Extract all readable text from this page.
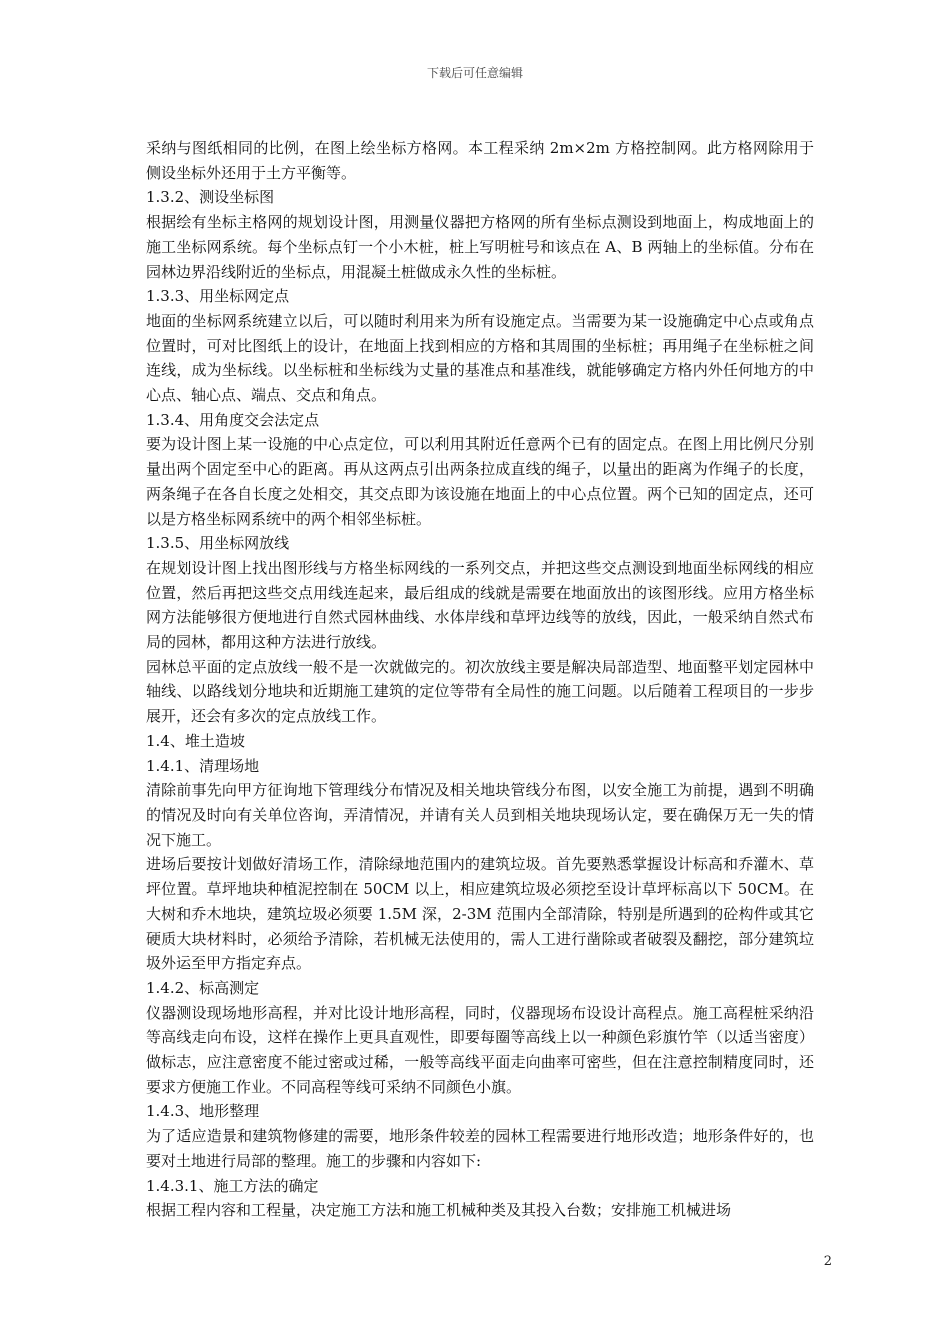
下载后可任意编辑

采纳与图纸相同的比例，在图上绘坐标方格网。本工程采纳 2m×2m 方格控制网。此方格网除用于侧设坐标外还用于土方平衡等。

1.3.2、测设坐标图

根据绘有坐标主格网的规划设计图，用测量仪器把方格网的所有坐标点测设到地面上，构成地面上的施工坐标网系统。每个坐标点钉一个小木桩，桩上写明桩号和该点在 A、B 两轴上的坐标值。分布在园林边界沿线附近的坐标点，用混凝土桩做成永久性的坐标桩。

1.3.3、用坐标网定点

地面的坐标网系统建立以后，可以随时利用来为所有设施定点。当需要为某一设施确定中心点或角点位置时，可对比图纸上的设计，在地面上找到相应的方格和其周围的坐标桩；再用绳子在坐标桩之间连线，成为坐标线。以坐标桩和坐标线为丈量的基准点和基准线，就能够确定方格内外任何地方的中心点、轴心点、端点、交点和角点。

1.3.4、用角度交会法定点

要为设计图上某一设施的中心点定位，可以利用其附近任意两个已有的固定点。在图上用比例尺分别量出两个固定至中心的距离。再从这两点引出两条拉成直线的绳子，以量出的距离为作绳子的长度，两条绳子在各自长度之处相交，其交点即为该设施在地面上的中心点位置。两个已知的固定点，还可以是方格坐标网系统中的两个相邻坐标桩。

1.3.5、用坐标网放线

在规划设计图上找出图形线与方格坐标网线的一系列交点，并把这些交点测设到地面坐标网线的相应位置，然后再把这些交点用线连起来，最后组成的线就是需要在地面放出的该图形线。应用方格坐标网方法能够很方便地进行自然式园林曲线、水体岸线和草坪边线等的放线，因此，一般采纳自然式布局的园林，都用这种方法进行放线。

园林总平面的定点放线一般不是一次就做完的。初次放线主要是解决局部造型、地面整平划定园林中轴线、以路线划分地块和近期施工建筑的定位等带有全局性的施工问题。以后随着工程项目的一步步展开，还会有多次的定点放线工作。

1.4、堆土造坡

1.4.1、清理场地

清除前事先向甲方征询地下管理线分布情况及相关地块管线分布图，以安全施工为前提，遇到不明确的情况及时向有关单位咨询，弄清情况，并请有关人员到相关地块现场认定，要在确保万无一失的情况下施工。

进场后要按计划做好清场工作，清除绿地范围内的建筑垃圾。首先要熟悉掌握设计标高和乔灌木、草坪位置。草坪地块种植泥控制在 50CM 以上，相应建筑垃圾必须挖至设计草坪标高以下 50CM。在大树和乔木地块，建筑垃圾必须要 1.5M 深，2-3M 范围内全部清除，特别是所遇到的砼构件或其它硬质大块材料时，必须给予清除，若机械无法使用的，需人工进行凿除或者破裂及翻挖，部分建筑垃圾外运至甲方指定弃点。

1.4.2、标高测定

仪器测设现场地形高程，并对比设计地形高程，同时，仪器现场布设设计高程点。施工高程桩采纳沿等高线走向布设，这样在操作上更具直观性，即要每圈等高线上以一种颜色彩旗竹竿（以适当密度）做标志，应注意密度不能过密或过稀，一般等高线平面走向曲率可密些，但在注意控制精度同时，还要求方便施工作业。不同高程等线可采纳不同颜色小旗。

1.4.3、地形整理

为了适应造景和建筑物修建的需要，地形条件较差的园林工程需要进行地形改造；地形条件好的，也要对土地进行局部的整理。施工的步骤和内容如下:

1.4.3.1、施工方法的确定

根据工程内容和工程量，决定施工方法和施工机械种类及其投入台数；安排施工机械进场

2
